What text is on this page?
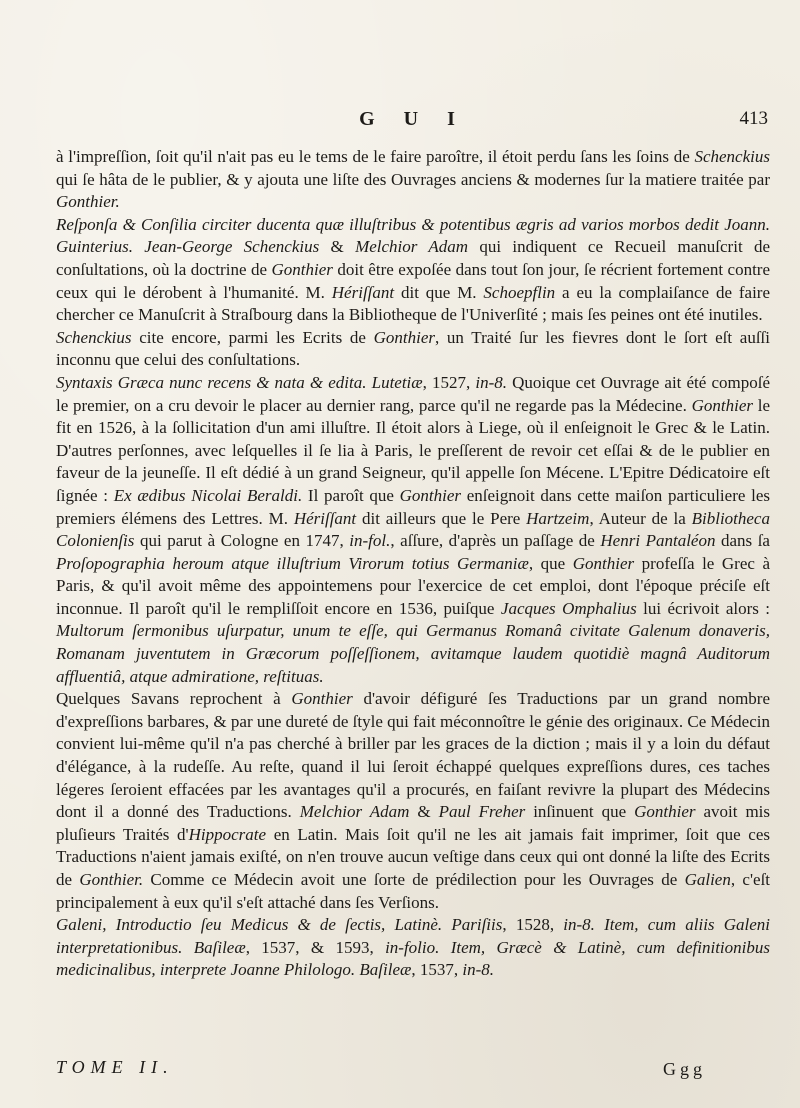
G U I	413

à l'impreſſion, ſoit qu'il n'ait pas eu le tems de le faire paroître, il étoit perdu ſans les ſoins de Schenckius qui ſe hâta de le publier, & y ajouta une liſte des Ouvrages anciens & modernes ſur la matiere traitée par Gonthier.

Reſponſa & Conſilia circiter ducenta quæ illuſtribus & potentibus ægris ad varios morbos dedit Joann. Guinterius. Jean-George Schenckius & Melchior Adam qui indiquent ce Recueil manuſcrit de conſultations, où la doctrine de Gonthier doit être expoſée dans tout ſon jour, ſe récrient fortement contre ceux qui le dérobent à l'humanité. M. Hériſſant dit que M. Schoepflin a eu la complaiſance de faire chercher ce Manuſcrit à Straſbourg dans la Bibliotheque de l'Univerſité ; mais ſes peines ont été inutiles.

Schenckius cite encore, parmi les Ecrits de Gonthier, un Traité ſur les fievres dont le ſort eſt auſſi inconnu que celui des conſultations.

Syntaxis Græca nunc recens & nata & edita. Lutetiæ, 1527, in-8. Quoique cet Ouvrage ait été compoſé le premier, on a cru devoir le placer au dernier rang, parce qu'il ne regarde pas la Médecine. Gonthier le fit en 1526, à la ſollicitation d'un ami illuſtre. Il étoit alors à Liege, où il enſeignoit le Grec & le Latin. D'autres perſonnes, avec leſquelles il ſe lia à Paris, le preſſerent de revoir cet eſſai & de le publier en faveur de la jeuneſſe. Il eſt dédié à un grand Seigneur, qu'il appelle ſon Mécene. L'Epitre Dédicatoire eſt ſignée : Ex ædibus Nicolai Beraldi. Il paroît que Gonthier enſeignoit dans cette maiſon particuliere les premiers élémens des Lettres. M. Hériſſant dit ailleurs que le Pere Hartzeim, Auteur de la Bibliotheca Colonienſis qui parut à Cologne en 1747, in-fol., aſſure, d'après un paſſage de Henri Pantaléon dans ſa Proſopographia heroum atque illuſtrium Virorum totius Germaniæ, que Gonthier profeſſa le Grec à Paris, & qu'il avoit même des appointemens pour l'exercice de cet emploi, dont l'époque préciſe eſt inconnue. Il paroît qu'il le rempliſſoit encore en 1536, puiſque Jacques Omphalius lui écrivoit alors : Multorum ſermonibus uſurpatur, unum te eſſe, qui Germanus Romanâ civitate Galenum donaveris, Romanam juventutem in Græcorum poſſeſſionem, avitamque laudem quotidiè magnâ Auditorum affluentiâ, atque admiratione, reſtituas.

Quelques Savans reprochent à Gonthier d'avoir défiguré ſes Traductions par un grand nombre d'expreſſions barbares, & par une dureté de ſtyle qui fait méconnoître le génie des originaux. Ce Médecin convient lui-même qu'il n'a pas cherché à briller par les graces de la diction ; mais il y a loin du défaut d'élégance, à la rudeſſe. Au reſte, quand il lui ſeroit échappé quelques expreſſions dures, ces taches légeres ſeroient effacées par les avantages qu'il a procurés, en faiſant revivre la plupart des Médecins dont il a donné des Traductions. Melchior Adam & Paul Freher inſinuent que Gonthier avoit mis pluſieurs Traités d'Hippocrate en Latin. Mais ſoit qu'il ne les ait jamais fait imprimer, ſoit que ces Traductions n'aient jamais exiſté, on n'en trouve aucun veſtige dans ceux qui ont donné la liſte des Ecrits de Gonthier. Comme ce Médecin avoit une ſorte de prédilection pour les Ouvrages de Galien, c'eſt principalement à eux qu'il s'eſt attaché dans ſes Verſions.

Galeni, Introductio ſeu Medicus & de ſectis, Latinè. Pariſiis, 1528, in-8. Item, cum aliis Galeni interpretationibus. Baſileæ, 1537, & 1593, in-folio. Item, Græcè & Latinè, cum definitionibus medicinalibus, interprete Joanne Philologo. Baſileæ, 1537, in-8.

TOME II.	Ggg
